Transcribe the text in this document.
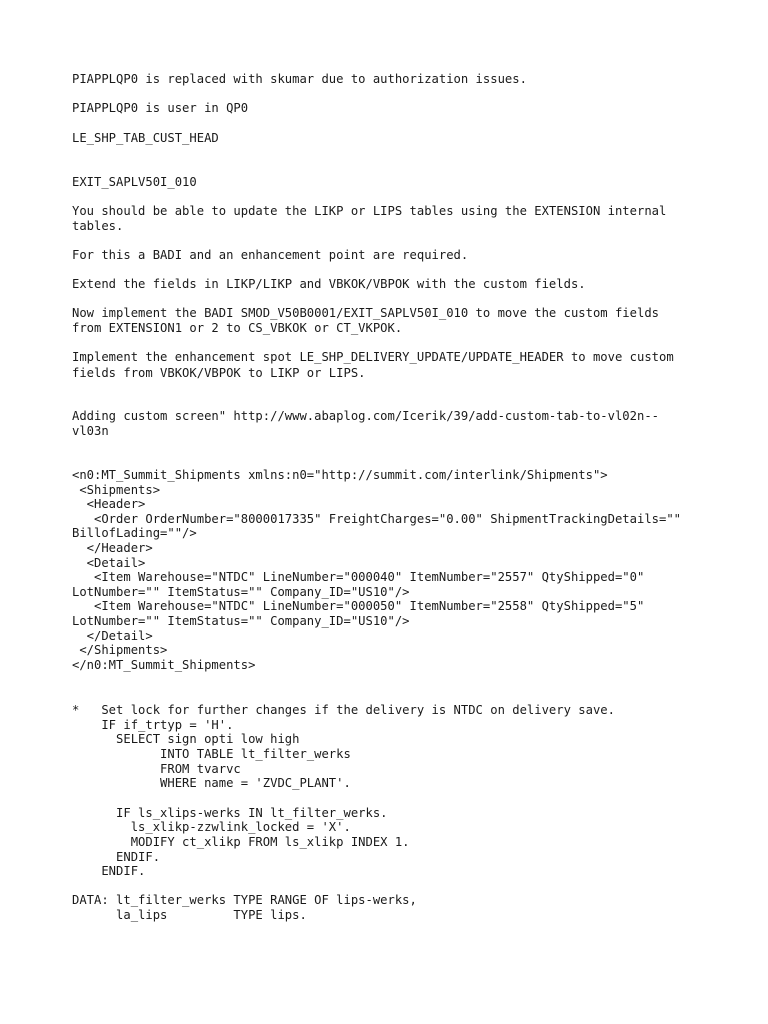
PIAPPLQP0 is replaced with skumar due to authorization issues.

PIAPPLQP0 is user in QP0

LE_SHP_TAB_CUST_HEAD

EXIT_SAPLV50I_010

You should be able to update the LIKP or LIPS tables using the EXTENSION internal

tables.

For this a BADI and an enhancement point are required.

Extend the fields in LIKP/LIKP and VBKOK/VBPOK with the custom fields.

Now implement the BADI SMOD_V50B0001/EXIT_SAPLV50I_010 to move the custom fields

from EXTENSION1 or 2 to CS_VBKOK or CT_VKPOK.

Implement the enhancement spot LE_SHP_DELIVERY_UPDATE/UPDATE_HEADER to move custom

fields from VBKOK/VBPOK to LIKP or LIPS.

Adding custom screen" http://www.abaplog.com/Icerik/39/add-custom-tab-to-vl02n--

vl03n

<n0:MT_Summit_Shipments xmlns:n0="http://summit.com/interlink/Shipments">

<Shipments>

<Header>

<Order OrderNumber="8000017335" FreightCharges="0.00" ShipmentTrackingDetails=""

BillofLading=""/>

</Header>

<Detail>

<Item Warehouse="NTDC" LineNumber="000040" ItemNumber="2557" QtyShipped="0"

LotNumber="" ItemStatus="" Company_ID="US10"/>

<Item Warehouse="NTDC" LineNumber="000050" ItemNumber="2558" QtyShipped="5"

LotNumber="" ItemStatus="" Company_ID="US10"/>

</Detail>

</Shipments>

</n0:MT_Summit_Shipments>

*   Set lock for further changes if the delivery is NTDC on delivery save.

IF if_trtyp = 'H'.

SELECT sign opti low high

INTO TABLE lt_filter_werks

FROM tvarvc

WHERE name = 'ZVDC_PLANT'.

IF ls_xlips-werks IN lt_filter_werks.

ls_xlikp-zzwlink_locked = 'X'.

MODIFY ct_xlikp FROM ls_xlikp INDEX 1.

ENDIF.

ENDIF.

DATA: lt_filter_werks TYPE RANGE OF lips-werks,

la_lips         TYPE lips.
